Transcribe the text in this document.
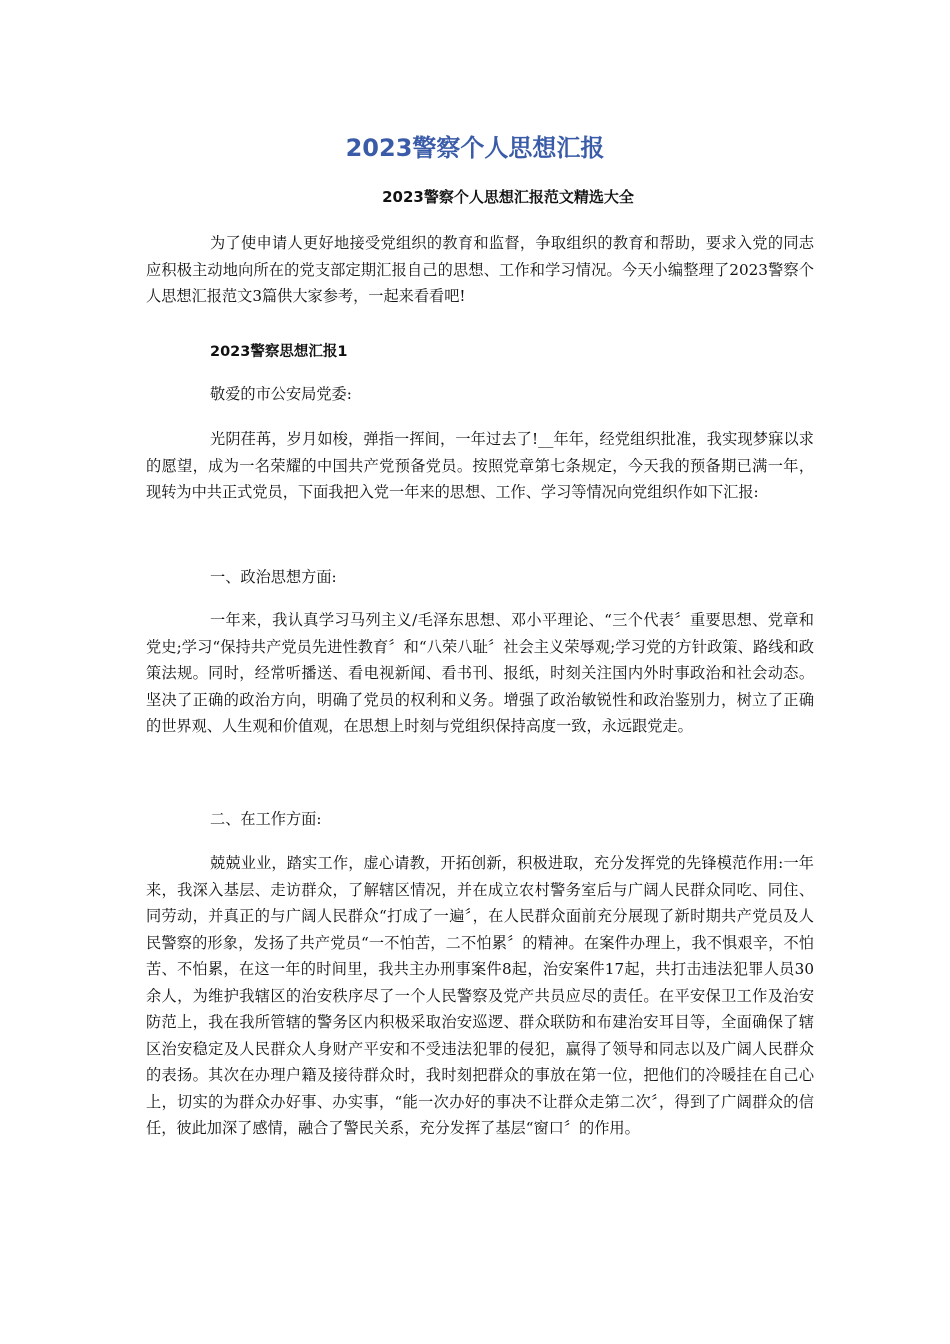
2023警察个人思想汇报
2023警察个人思想汇报范文精选大全

为了使申请人更好地接受党组织的教育和监督，争取组织的教育和帮助，要求入党的同志应积极主动地向所在的党支部定期汇报自己的思想、工作和学习情况。今天小编整理了2023警察个人思想汇报范文3篇供大家参考，一起来看看吧!

2023警察思想汇报1
敬爱的市公安局党委:

光阴荏苒，岁月如梭，弹指一挥间，一年过去了!__年年，经党组织批准，我实现梦寐以求的愿望，成为一名荣耀的中国共产党预备党员。按照党章第七条规定，今天我的预备期已满一年，现转为中共正式党员，下面我把入党一年来的思想、工作、学习等情况向党组织作如下汇报:

一、政治思想方面:

一年来，我认真学习马列主义/毛泽东思想、邓小平理论、“三个代表〞重要思想、党章和党史;学习“保持共产党员先进性教育〞和“八荣八耻〞社会主义荣辱观;学习党的方针政策、路线和政策法规。同时，经常听播送、看电视新闻、看书刊、报纸，时刻关注国内外时事政治和社会动态。坚决了正确的政治方向，明确了党员的权利和义务。增强了政治敏锐性和政治鉴别力，树立了正确的世界观、人生观和价值观，在思想上时刻与党组织保持高度一致，永远跟党走。

二、在工作方面:

兢兢业业，踏实工作，虚心请教，开拓创新，积极进取，充分发挥党的先锋模范作用:一年来，我深入基层、走访群众，了解辖区情况，并在成立农村警务室后与广阔人民群众同吃、同住、同劳动，并真正的与广阔人民群众“打成了一遍〞，在人民群众面前充分展现了新时期共产党员及人民警察的形象，发扬了共产党员“一不怕苦，二不怕累〞的精神。在案件办理上，我不惧艰辛，不怕苦、不怕累，在这一年的时间里，我共主办刑事案件8起，治安案件17起，共打击违法犯罪人员30余人，为维护我辖区的治安秩序尽了一个人民警察及党产共员应尽的责任。在平安保卫工作及治安防范上，我在我所管辖的警务区内积极采取治安巡逻、群众联防和布建治安耳目等，全面确保了辖区治安稳定及人民群众人身财产平安和不受违法犯罪的侵犯，赢得了领导和同志以及广阔人民群众的表扬。其次在办理户籍及接待群众时，我时刻把群众的事放在第一位，把他们的冷暖挂在自己心上，切实的为群众办好事、办实事，“能一次办好的事决不让群众走第二次〞，得到了广阔群众的信任，彼此加深了感情，融合了警民关系，充分发挥了基层“窗口〞的作用。
